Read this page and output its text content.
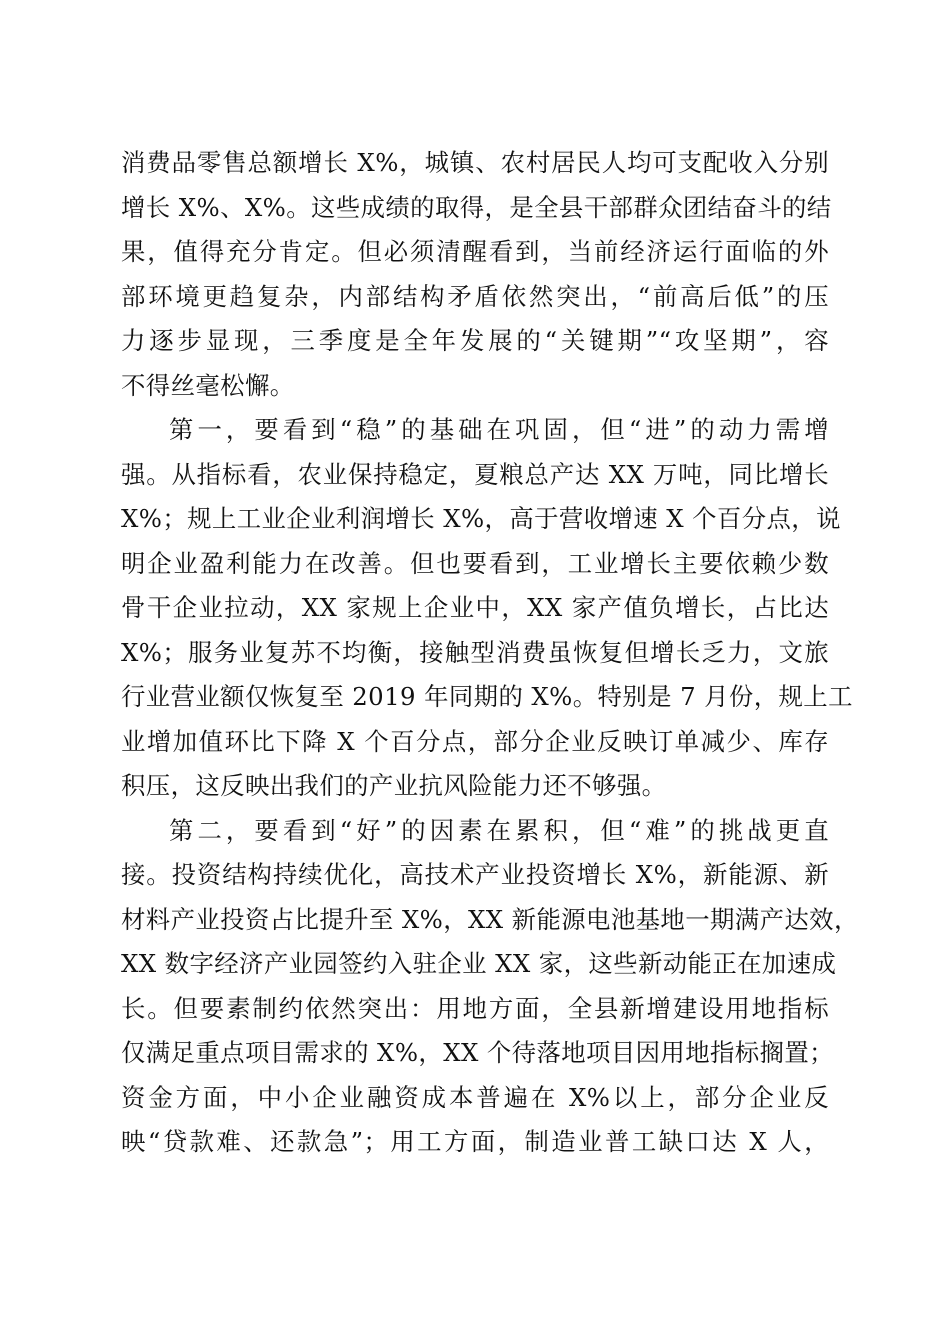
消费品零售总额增长 X%，城镇、农村居民人均可支配收入分别
增长 X%、X%。这些成绩的取得，是全县干部群众团结奋斗的结
果，值得充分肯定。但必须清醒看到，当前经济运行面临的外
部环境更趋复杂，内部结构矛盾依然突出，“前高后低”的压
力逐步显现，三季度是全年发展的“关键期”“攻坚期”，容
不得丝毫松懈。
第一，要看到“稳”的基础在巩固，但“进”的动力需增
强。从指标看，农业保持稳定，夏粮总产达 XX 万吨，同比增长
X%；规上工业企业利润增长 X%，高于营收增速 X 个百分点，说
明企业盈利能力在改善。但也要看到，工业增长主要依赖少数
骨干企业拉动，XX 家规上企业中，XX 家产值负增长，占比达
X%；服务业复苏不均衡，接触型消费虽恢复但增长乏力，文旅
行业营业额仅恢复至 2019 年同期的 X%。特别是 7 月份，规上工
业增加值环比下降 X 个百分点，部分企业反映订单减少、库存
积压，这反映出我们的产业抗风险能力还不够强。
第二，要看到“好”的因素在累积，但“难”的挑战更直
接。投资结构持续优化，高技术产业投资增长 X%，新能源、新
材料产业投资占比提升至 X%，XX 新能源电池基地一期满产达效，
XX 数字经济产业园签约入驻企业 XX 家，这些新动能正在加速成
长。但要素制约依然突出：用地方面，全县新增建设用地指标
仅满足重点项目需求的 X%，XX 个待落地项目因用地指标搁置；
资金方面，中小企业融资成本普遍在 X%以上，部分企业反
映“贷款难、还款急”；用工方面，制造业普工缺口达 X 人，
